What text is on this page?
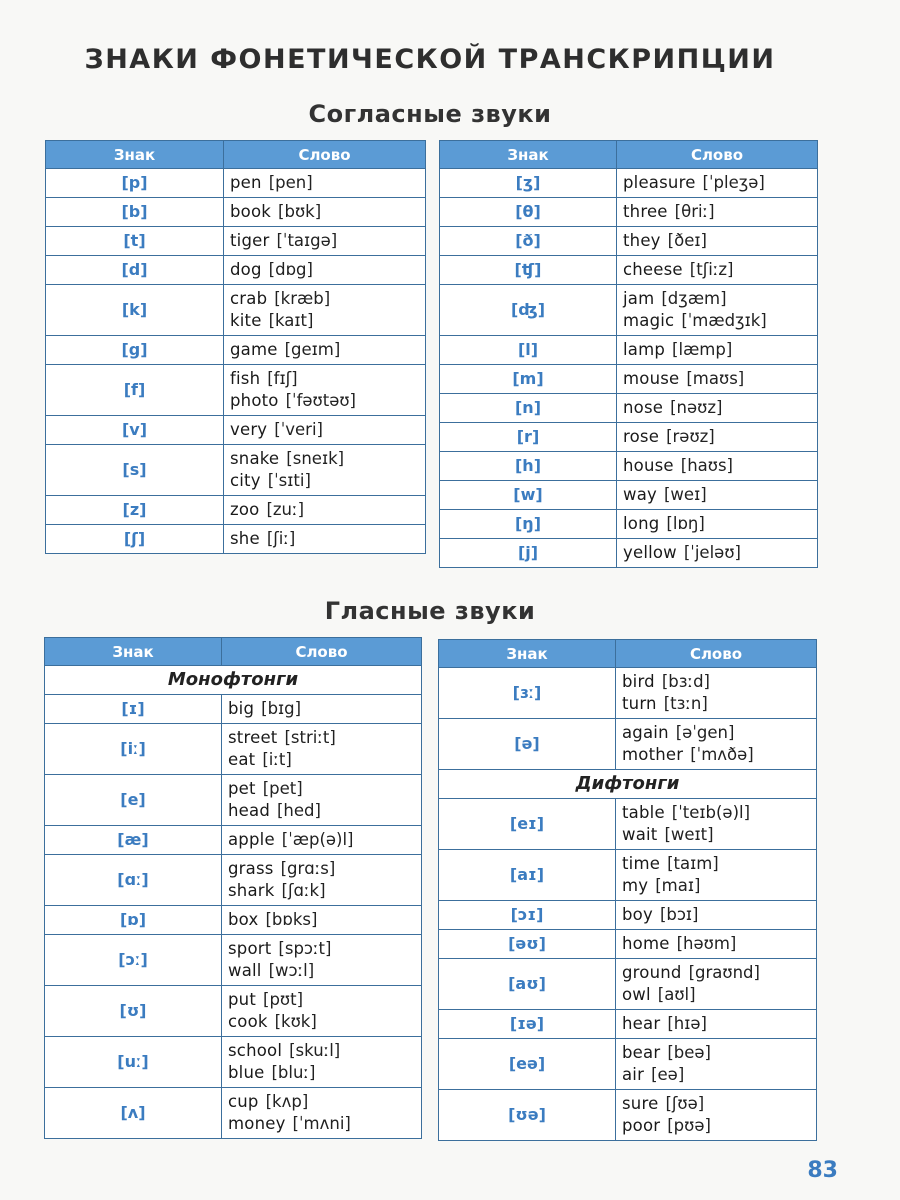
ЗНАКИ ФОНЕТИЧЕСКОЙ ТРАНСКРИПЦИИ
Согласные звуки
Знак	Слово
[p]	pen [pen]

[b]	book [bʊk]

[t]	tiger [ˈtaɪgə]

[d]	dog [dɒg]

[k]	crab [kræb]
kite [kaɪt]

[g]	game [geɪm]

[f]	fish [fɪʃ]
photo [ˈfəʊtəʊ]

[v]	very [ˈveri]

[s]	snake [sneɪk]
city [ˈsɪti]

[z]	zoo [zuː]

[ʃ]	she [ʃiː]
Знак	Слово
[ʒ]	pleasure [ˈpleʒə]

[θ]	three [θriː]

[ð]	they [ðeɪ]

[ʧ]	cheese [tʃiːz]

[ʤ]	jam [dʒæm]
magic [ˈmædʒɪk]

[l]	lamp [læmp]

[m]	mouse [maʊs]

[n]	nose [nəʊz]

[r]	rose [rəʊz]

[h]	house [haʊs]

[w]	way [weɪ]

[ŋ]	long [lɒŋ]

[j]	yellow [ˈjeləʊ]
Гласные звуки
Знак	Слово
Монофтонги	
[ɪ]	big [bɪg]

[iː]	street [striːt]
eat [iːt]

[e]	pet [pet]
head [hed]

[æ]	apple [ˈæp(ə)l]

[ɑː]	grass [grɑːs]
shark [ʃɑːk]

[ɒ]	box [bɒks]

[ɔː]	sport [spɔːt]
wall [wɔːl]

[ʊ]	put [pʊt]
cook [kʊk]

[uː]	school [skuːl]
blue [bluː]

[ʌ]	cup [kʌp]
money [ˈmʌni]
Знак	Слово
[ɜː]	bird [bɜːd]
turn [tɜːn]

[ə]	again [əˈgen]
mother [ˈmʌðə]

Дифтонги	
[eɪ]	table [ˈteɪb(ə)l]
wait [weɪt]

[aɪ]	time [taɪm]
my [maɪ]

[ɔɪ]	boy [bɔɪ]

[əʊ]	home [həʊm]

[aʊ]	ground [graʊnd]
owl [aʊl]

[ɪə]	hear [hɪə]

[eə]	bear [beə]
air [eə]

[ʊə]	sure [ʃʊə]
poor [pʊə]
83
